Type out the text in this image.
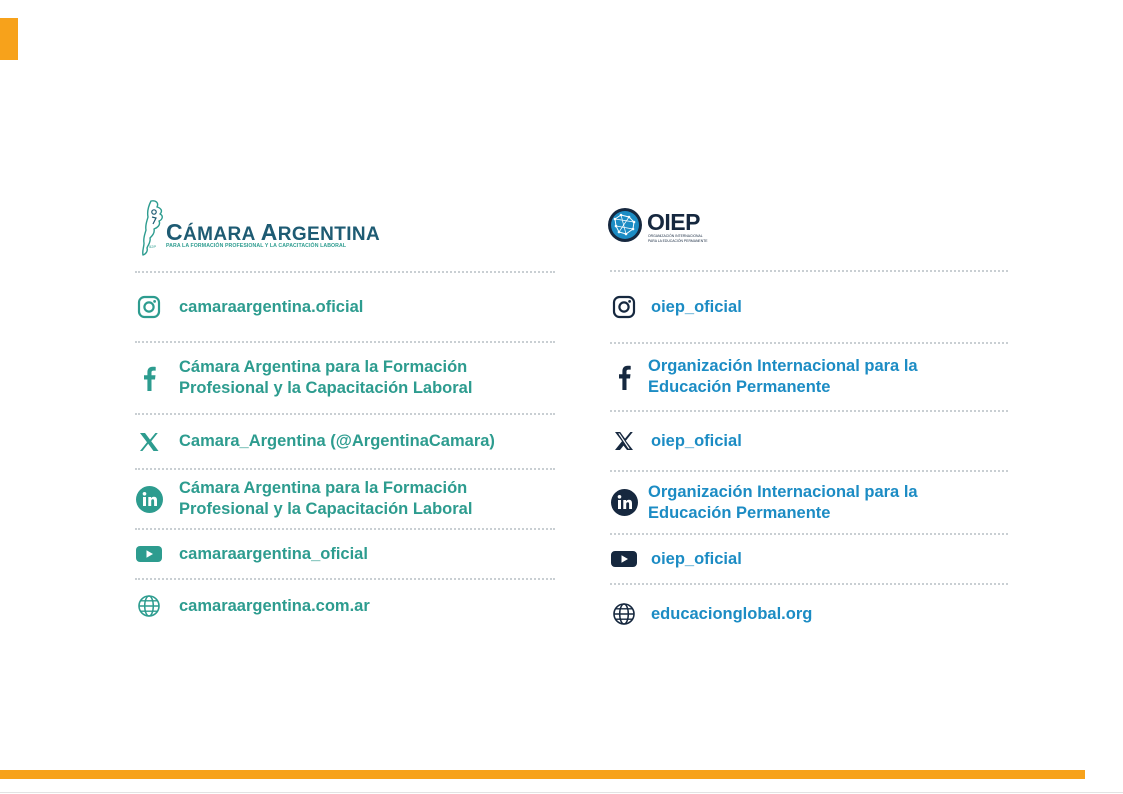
52P
CÁMARA ARGENTINA
PARA LA FORMACIÓN PROFESIONAL Y LA CAPACITACIÓN LABORAL
camaraargentina.oficial
Cámara Argentina para la Formación
Profesional y la Capacitación Laboral
Camara_Argentina (@ArgentinaCamara)
Cámara Argentina para la Formación
Profesional y la Capacitación Laboral
camaraargentina_oficial
camaraargentina.com.ar
OIEP
ORGANIZACIÓN INTERNACIONAL
PARA LA EDUCACIÓN PERMANENTE
oiep_oficial
Organización Internacional para la
Educación Permanente
oiep_oficial
Organización Internacional para la
Educación Permanente
oiep_oficial
educacionglobal.org
